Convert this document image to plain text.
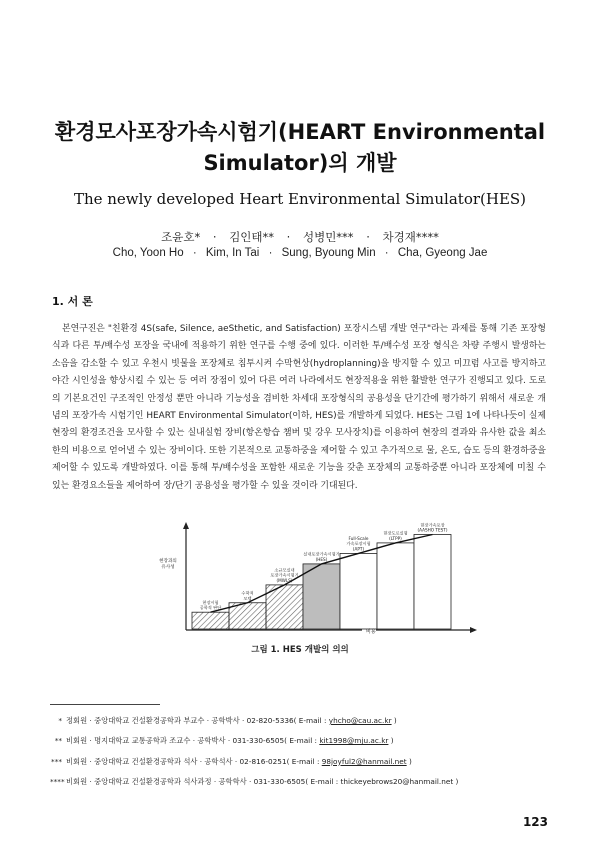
환경모사포장가속시험기(HEART Environmental
Simulator)의 개발
The newly developed Heart Environmental Simulator(HES)
조윤호* · 김인태** · 성병민*** · 차경재****
Cho, Yoon Ho · Kim, In Tai · Sung, Byoung Min · Cha, Gyeong Jae
1. 서 론

본연구진은 "친환경 4S(safe, Silence, aeSthetic, and Satisfaction) 포장시스템 개발 연구"라는 과제를 통해 기존 포장형식과 다른 투/배수성 포장을 국내에 적용하기 위한 연구를 수행 중에 있다. 이러한 투/배수성 포장 형식은 차량 주행시 발생하는 소음을 감소할 수 있고 우천시 빗물을 포장체로 침투시켜 수막현상(hydroplanning)을 방지할 수 있고 미끄럼 사고를 방지하고 야간 시인성을 향상시킬 수 있는 등 여러 장점이 있어 다른 여러 나라에서도 현장적용을 위한 활발한 연구가 진행되고 있다. 도로의 기본요건인 구조적인 안정성 뿐만 아니라 기능성을 겸비한 차세대 포장형식의 공용성을 단기간에 평가하기 위해서 새로운 개념의 포장가속 시험기인 HEART Environmental Simulator(이하, HES)를 개발하게 되었다. HES는 그림 1에 나타나듯이 실제 현장의 환경조건을 모사할 수 있는 실내실험 장비(항온항습 챔버 및 강우 모사장치)를 이용하여 현장의 결과와 유사한 값을 최소한의 비용으로 얻어낼 수 있는 장비이다. 또한 기본적으로 교통하중을 제어할 수 있고 추가적으로 물, 온도, 습도 등의 환경하중을 제어할 수 있도록 개발하였다. 이를 통해 투/배수성을 포함한 새로운 기능을 갖춘 포장체의 교통하중뿐 아니라 포장체에 미칠 수 있는 환경요소들을 제어하여 장/단기 공용성을 평가할 수 있을 것이라 기대된다.

현장시험
공학적 판단
수학적
모델
소규모실내
포장가속시험기
(MWLS)
실내포장가속시험기
(HES)
Full-Scale
가속포장시험
(APT)
현장도로실험
(LTPP)
현장가속포장
(AASHO TEST)
비용
현장과의
유사성
그림 1. HES 개발의 의의
* 정회원 · 중앙대학교 건설환경공학과 부교수 · 공학박사 · 02-820-5336( E-mail : yhcho@cau.ac.kr )
** 비회원 · 명지대학교 교통공학과 조교수 · 공학박사 · 031-330-6505( E-mail : kit1998@mju.ac.kr )
*** 비회원 · 중앙대학교 건설환경공학과 석사 · 공학석사 · 02-816-0251( E-mail : 98joyful2@hanmail.net )
****비회원 · 중앙대학교 건설환경공학과 석사과정 · 공학학사 · 031-330-6505( E-mail : thickeyebrows20@hanmail.net )
123
